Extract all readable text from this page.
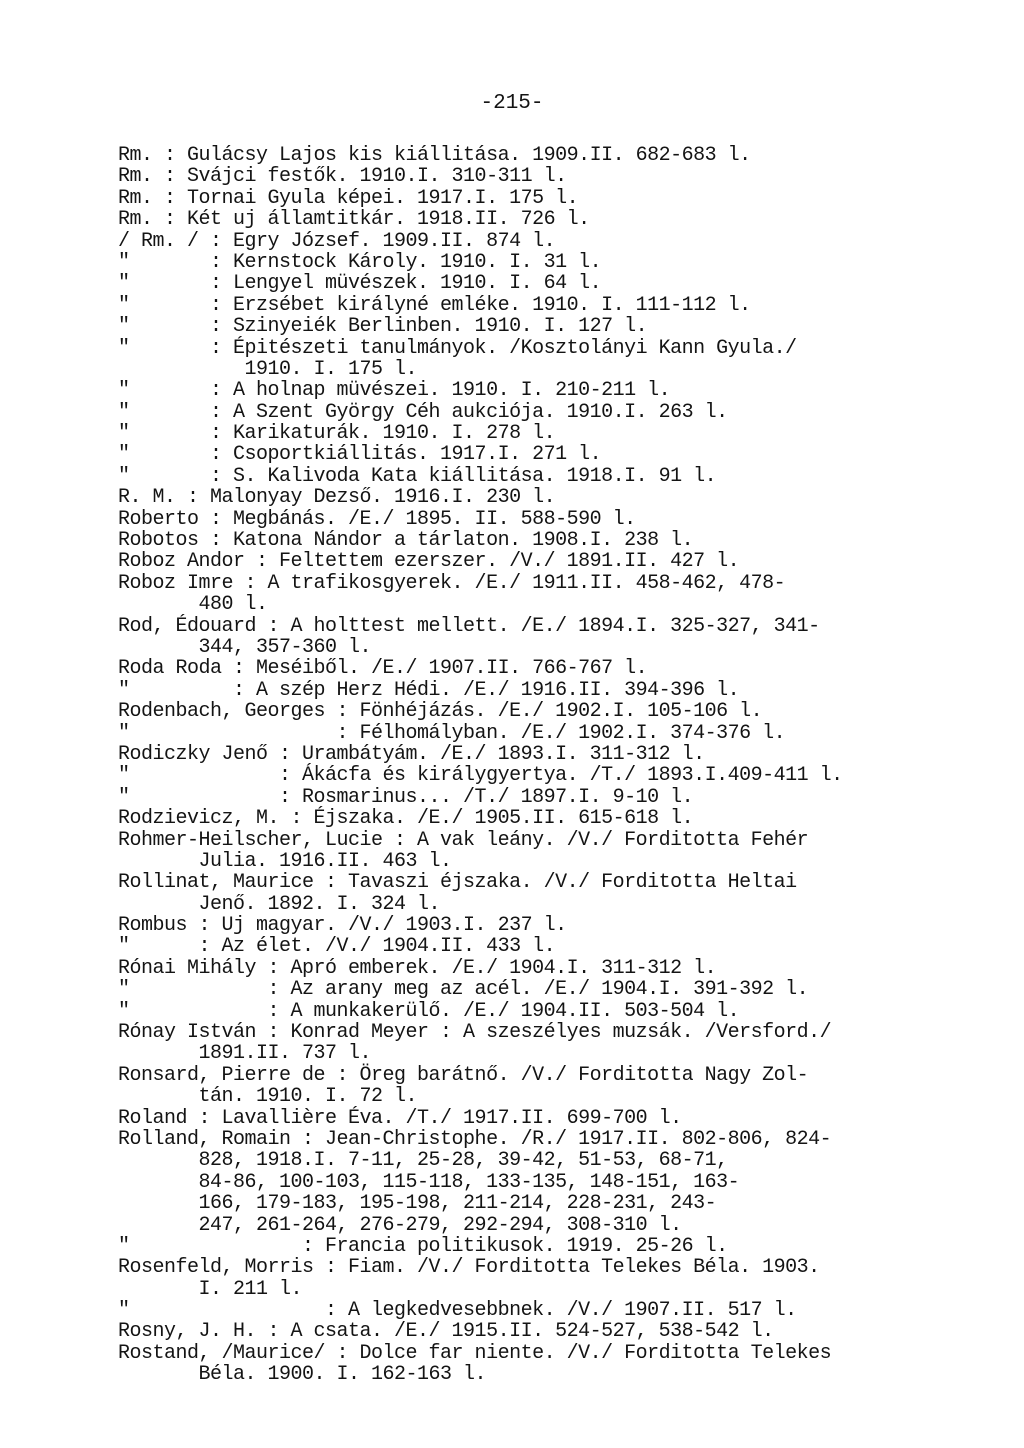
-215-
Rm. : Gulácsy Lajos kis kiállitása. 1909.II. 682-683 l.
Rm. : Svájci festők. 1910.I. 310-311 l.
Rm. : Tornai Gyula képei. 1917.I. 175 l.
Rm. : Két uj államtitkár. 1918.II. 726 l.
/ Rm. / : Egry József. 1909.II. 874 l.
"       : Kernstock Károly. 1910. I. 31 l.
"       : Lengyel müvészek. 1910. I. 64 l.
"       : Erzsébet királyné emléke. 1910. I. 111-112 l.
"       : Szinyeiék Berlinben. 1910. I. 127 l.
"       : Épitészeti tanulmányok. /Kosztolányi Kann Gyula./
1910. I. 175 l.
"       : A holnap müvészei. 1910. I. 210-211 l.
"       : A Szent György Céh aukciója. 1910.I. 263 l.
"       : Karikaturák. 1910. I. 278 l.
"       : Csoportkiállitás. 1917.I. 271 l.
"       : S. Kalivoda Kata kiállitása. 1918.I. 91 l.
R. M. : Malonyay Dezső. 1916.I. 230 l.
Roberto : Megbánás. /E./ 1895. II. 588-590 l.
Robotos : Katona Nándor a tárlaton. 1908.I. 238 l.
Roboz Andor : Feltettem ezerszer. /V./ 1891.II. 427 l.
Roboz Imre : A trafikosgyerek. /E./ 1911.II. 458-462, 478-
480 l.
Rod, Édouard : A holttest mellett. /E./ 1894.I. 325-327, 341-
344, 357-360 l.
Roda Roda : Meséiből. /E./ 1907.II. 766-767 l.
"         : A szép Herz Hédi. /E./ 1916.II. 394-396 l.
Rodenbach, Georges : Fönhéjázás. /E./ 1902.I. 105-106 l.
"                  : Félhomályban. /E./ 1902.I. 374-376 l.
Rodiczky Jenő : Urambátyám. /E./ 1893.I. 311-312 l.
"             : Ákácfa és királygyertya. /T./ 1893.I.409-411 l.
"             : Rosmarinus... /T./ 1897.I. 9-10 l.
Rodzievicz, M. : Éjszaka. /E./ 1905.II. 615-618 l.
Rohmer-Heilscher, Lucie : A vak leány. /V./ Forditotta Fehér
Julia. 1916.II. 463 l.
Rollinat, Maurice : Tavaszi éjszaka. /V./ Forditotta Heltai
Jenő. 1892. I. 324 l.
Rombus : Uj magyar. /V./ 1903.I. 237 l.
"      : Az élet. /V./ 1904.II. 433 l.
Rónai Mihály : Apró emberek. /E./ 1904.I. 311-312 l.
"            : Az arany meg az acél. /E./ 1904.I. 391-392 l.
"            : A munkakerülő. /E./ 1904.II. 503-504 l.
Rónay István : Konrad Meyer : A szeszélyes muzsák. /Versford./
1891.II. 737 l.
Ronsard, Pierre de : Öreg barátnő. /V./ Forditotta Nagy Zol-
tán. 1910. I. 72 l.
Roland : Lavallière Éva. /T./ 1917.II. 699-700 l.
Rolland, Romain : Jean-Christophe. /R./ 1917.II. 802-806, 824-
828, 1918.I. 7-11, 25-28, 39-42, 51-53, 68-71,
84-86, 100-103, 115-118, 133-135, 148-151, 163-
166, 179-183, 195-198, 211-214, 228-231, 243-
247, 261-264, 276-279, 292-294, 308-310 l.
"               : Francia politikusok. 1919. 25-26 l.
Rosenfeld, Morris : Fiam. /V./ Forditotta Telekes Béla. 1903.
I. 211 l.
"                 : A legkedvesebbnek. /V./ 1907.II. 517 l.
Rosny, J. H. : A csata. /E./ 1915.II. 524-527, 538-542 l.
Rostand, /Maurice/ : Dolce far niente. /V./ Forditotta Telekes
Béla. 1900. I. 162-163 l.
